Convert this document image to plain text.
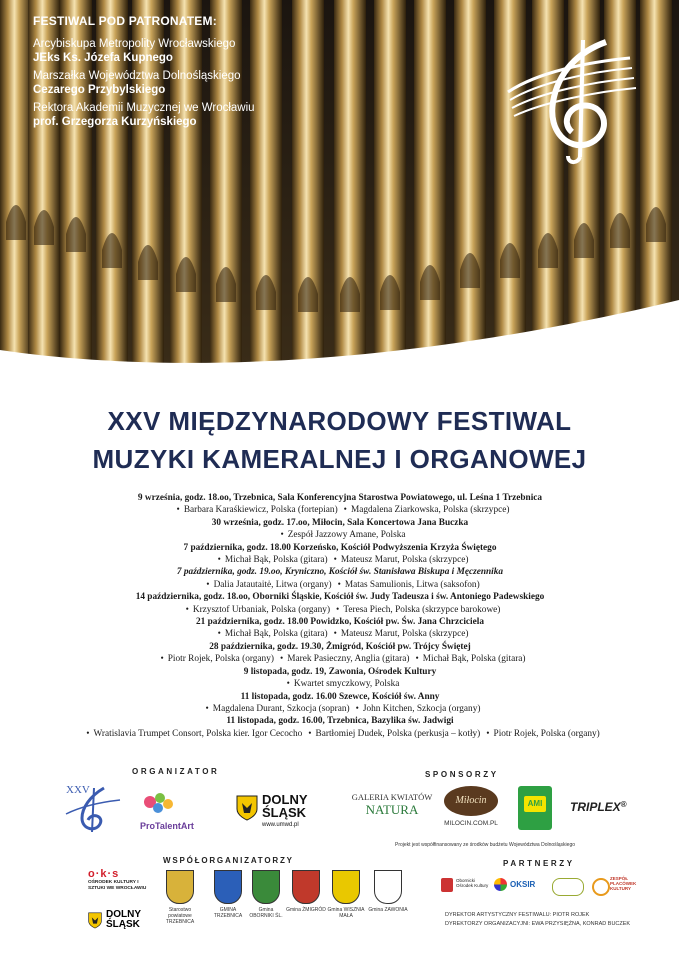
FESTIWAL POD PATRONATEM:
Arcybiskupa Metropolity Wrocławskiego
JEks Ks. Józefa Kupnego
Marszałka Województwa Dolnośląskiego
Cezarego Przybylskiego
Rektora Akademii Muzycznej we Wrocławiu
prof. Grzegorza Kurzyńskiego
XXV MIĘDZYNARODOWY FESTIWAL
MUZYKI KAMERALNEJ I ORGANOWEJ
9 września, godz. 18.oo, Trzebnica, Sala Konferencyjna Starostwa Powiatowego, ul. Leśna 1 Trzebnica
• Barbara Karaśkiewicz, Polska (fortepian) • Magdalena Ziarkowska, Polska (skrzypce)
30 września, godz. 17.oo, Miłocin, Sala Koncertowa Jana Buczka
• Zespół Jazzowy Amane, Polska
7 października, godz. 18.00 Korzeńsko, Kościół Podwyższenia Krzyża Świętego
• Michał Bąk, Polska (gitara) • Mateusz Marut, Polska (skrzypce)
7 października, godz. 19.oo, Kryniczno, Kościół św. Stanisława Biskupa i Męczennika
• Dalia Jatautaitė, Litwa (organy) • Matas Samulionis, Litwa (saksofon)
14 października, godz. 18.oo, Oborniki Śląskie, Kościół św. Judy Tadeusza i św. Antoniego Padewskiego
• Krzysztof Urbaniak, Polska (organy) • Teresa Piech, Polska (skrzypce barokowe)
21 października, godz. 18.00 Powidzko, Kościół pw. Św. Jana Chrzciciela
• Michał Bąk, Polska (gitara) • Mateusz Marut, Polska (skrzypce)
28 października, godz. 19.30, Żmigród, Kościół pw. Trójcy Świętej
• Piotr Rojek, Polska (organy) • Marek Pasieczny, Anglia (gitara) • Michał Bąk, Polska (gitara)
9 listopada, godz. 19, Zawonia, Ośrodek Kultury
• Kwartet smyczkowy, Polska
11 listopada, godz. 16.00 Szewce, Kościół św. Anny
• Magdalena Durant, Szkocja (sopran) • John Kitchen, Szkocja (organy)
11 listopada, godz. 16.00, Trzebnica, Bazylika św. Jadwigi
• Wratislavia Trumpet Consort, Polska kier. Igor Cecocho • Bartłomiej Dudek, Polska (perkusja – kotły) • Piotr Rojek, Polska (organy)
ORGANIZATOR
XXV
ProTalentArt
DOLNY
ŚLĄSK
www.umwd.pl
SPONSORZY
GALERIA KWIATÓW
NATURA
Miłocin
MILOCIN.COM.PL
AMI	TRIPLEX®
Projekt jest współfinansowany ze środków budżetu Województwa Dolnośląskiego
WSPÓŁORGANIZATORZY
o·k·s
OŚRODEK KULTURY I SZTUKI WE WROCŁAWIU
DOLNY
ŚLĄSK
Starostwo powiatowe TRZEBNICA
GMINA TRZEBNICA
Gmina OBORNIKI ŚL.
Gmina ŻMIGRÓD Gmina WISZNIA MAŁA
Gmina ZAWONIA
PARTNERZY
Obornicki Ośrodek Kultury	OKSIR
ZESPÓŁ PLACÓWEK KULTURY
DYREKTOR ARTYSTYCZNY FESTIWALU: PIOTR ROJEK
DYREKTORZY ORGANIZACYJNI: EWA PRZYSIĘŻNA, KONRAD BUCZEK
